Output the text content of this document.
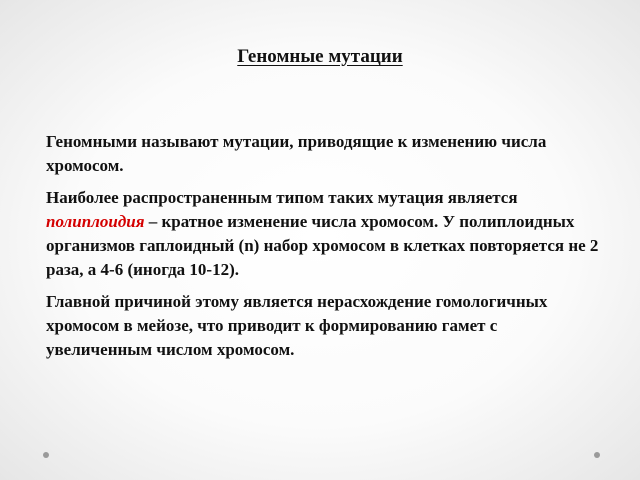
Геномные мутации

Геномными называют мутации, приводящие к изменению числа хромосом.

Наиболее распространенным типом таких мутация является полиплоидия – кратное изменение числа хромосом. У полиплоидных организмов гаплоидный (n) набор хромосом в клетках повторяется не 2 раза, а 4-6 (иногда 10-12).

Главной причиной этому является нерасхождение гомологичных хромосом в мейозе, что приводит к формированию гамет с увеличенным числом хромосом.
